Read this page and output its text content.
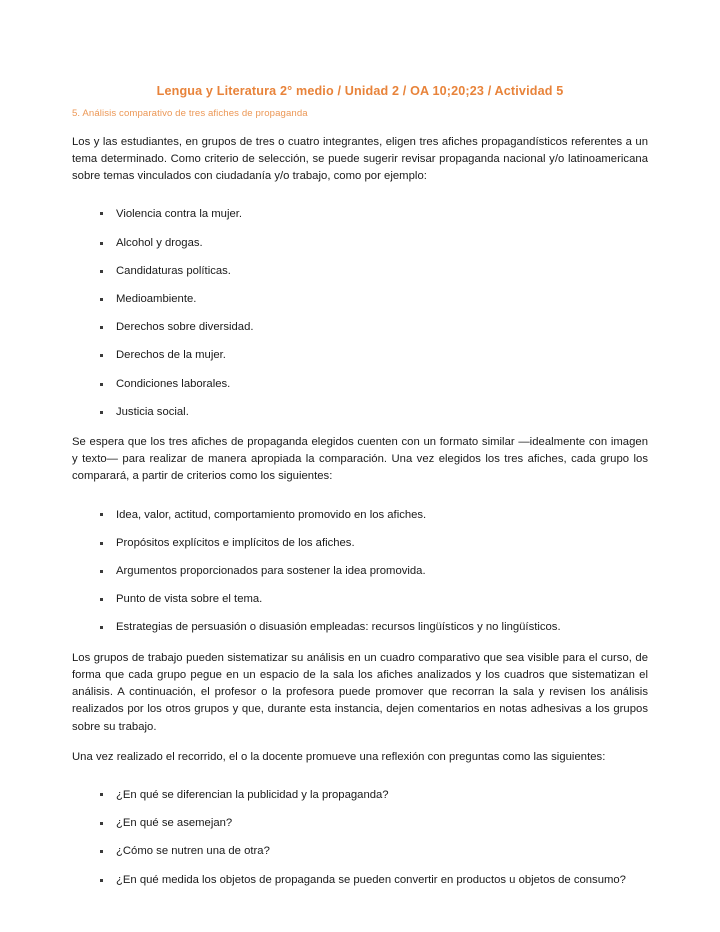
Lengua y Literatura 2° medio / Unidad 2 / OA 10;20;23 / Actividad 5
5. Análisis comparativo de tres afiches de propaganda

Los y las estudiantes, en grupos de tres o cuatro integrantes, eligen tres afiches propagandísticos referentes a un tema determinado. Como criterio de selección, se puede sugerir revisar propaganda nacional y/o latinoamericana sobre temas vinculados con ciudadanía y/o trabajo, como por ejemplo:

Violencia contra la mujer.
Alcohol y drogas.
Candidaturas políticas.
Medioambiente.
Derechos sobre diversidad.
Derechos de la mujer.
Condiciones laborales.
Justicia social.

Se espera que los tres afiches de propaganda elegidos cuenten con un formato similar —idealmente con imagen y texto— para realizar de manera apropiada la comparación. Una vez elegidos los tres afiches, cada grupo los comparará, a partir de criterios como los siguientes:

Idea, valor, actitud, comportamiento promovido en los afiches.
Propósitos explícitos e implícitos de los afiches.
Argumentos proporcionados para sostener la idea promovida.
Punto de vista sobre el tema.
Estrategias de persuasión o disuasión empleadas: recursos lingüísticos y no lingüísticos.

Los grupos de trabajo pueden sistematizar su análisis en un cuadro comparativo que sea visible para el curso, de forma que cada grupo pegue en un espacio de la sala los afiches analizados y los cuadros que sistematizan el análisis. A continuación, el profesor o la profesora puede promover que recorran la sala y revisen los análisis realizados por los otros grupos y que, durante esta instancia, dejen comentarios en notas adhesivas a los grupos sobre su trabajo.

Una vez realizado el recorrido, el o la docente promueve una reflexión con preguntas como las siguientes:

¿En qué se diferencian la publicidad y la propaganda?
¿En qué se asemejan?
¿Cómo se nutren una de otra?
¿En qué medida los objetos de propaganda se pueden convertir en productos u objetos de consumo?
